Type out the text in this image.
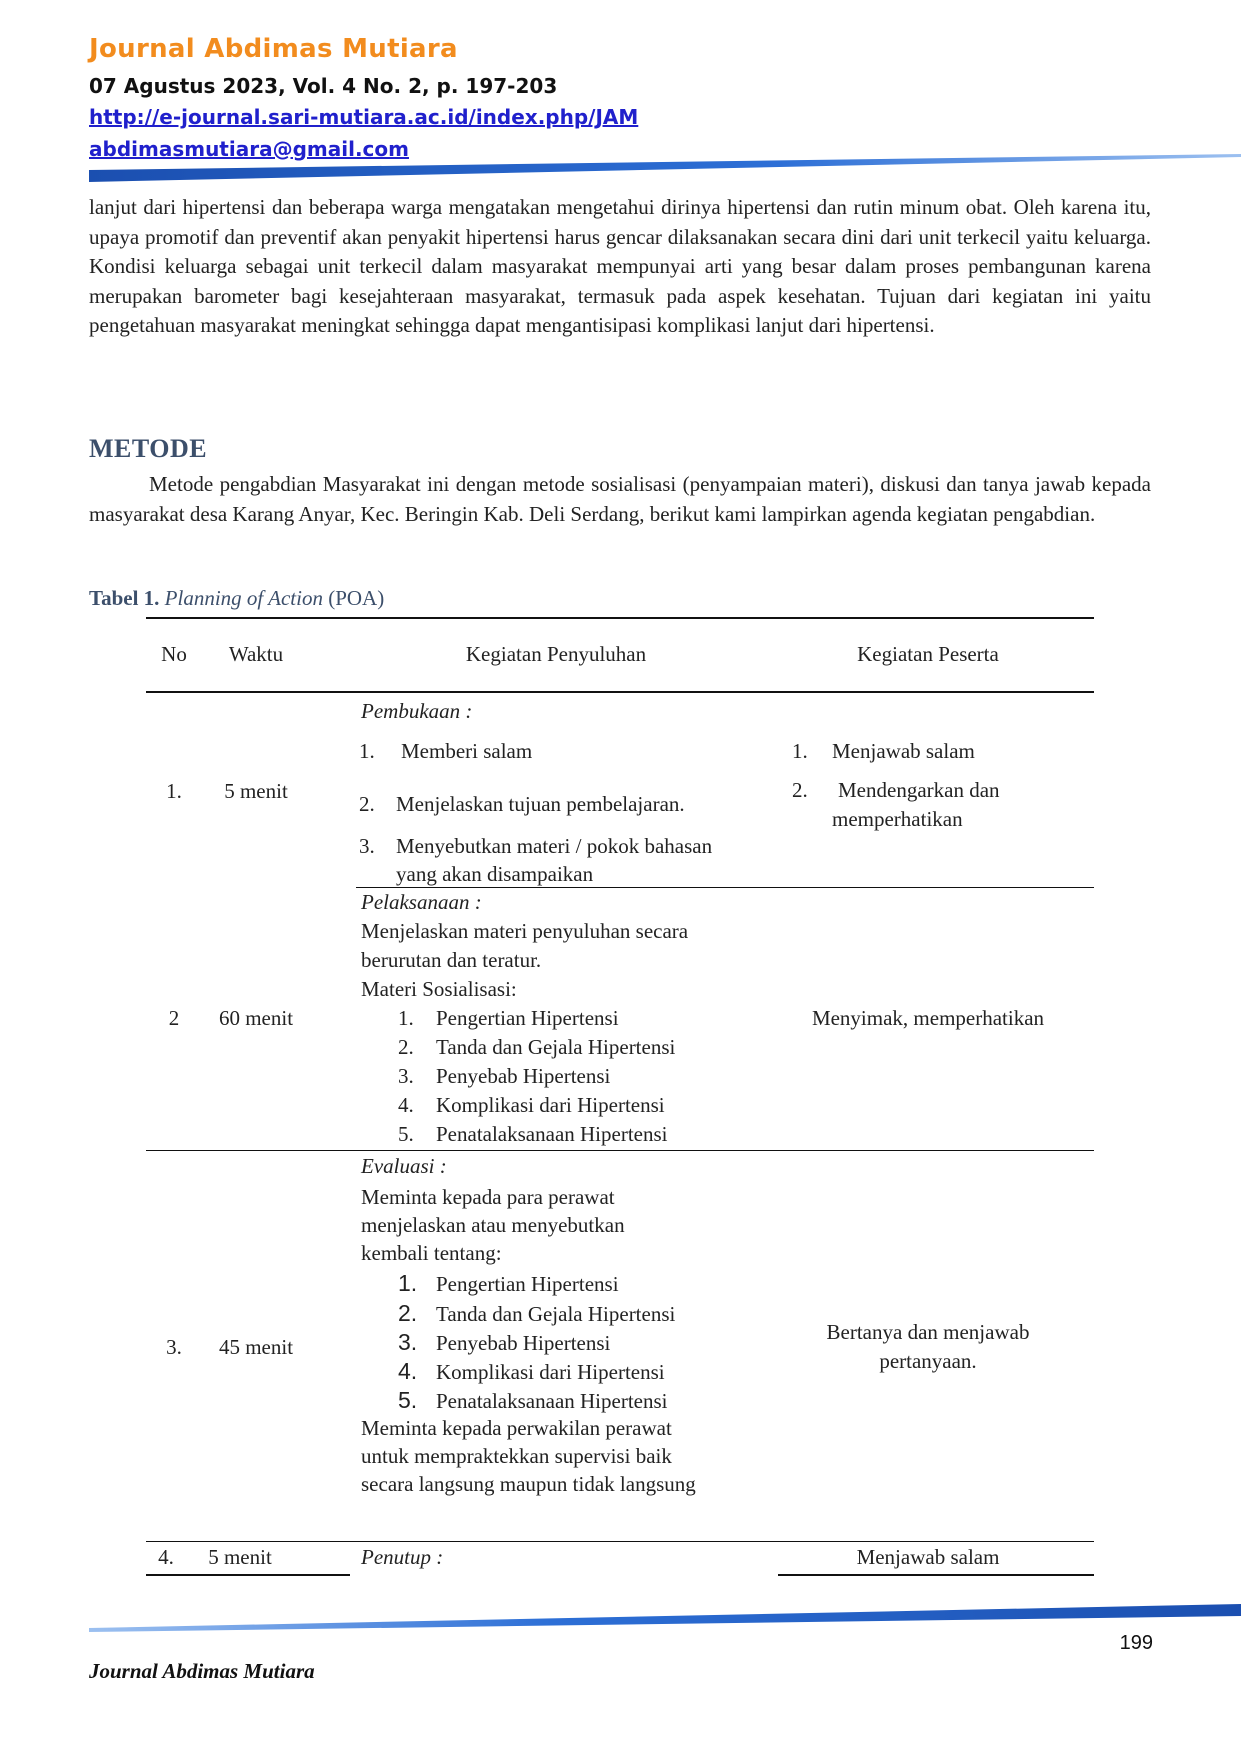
Journal Abdimas Mutiara
07 Agustus 2023, Vol. 4 No. 2, p. 197-203
http://e-journal.sari-mutiara.ac.id/index.php/JAM
abdimasmutiara@gmail.com
lanjut dari hipertensi dan beberapa warga mengatakan mengetahui dirinya hipertensi dan rutin minum obat. Oleh karena itu, upaya promotif dan preventif akan penyakit hipertensi harus gencar dilaksanakan secara dini dari unit terkecil yaitu keluarga. Kondisi keluarga sebagai unit terkecil dalam masyarakat mempunyai arti yang besar dalam proses pembangunan karena merupakan barometer bagi kesejahteraan masyarakat, termasuk pada aspek kesehatan. Tujuan dari kegiatan ini yaitu pengetahuan masyarakat meningkat sehingga dapat mengantisipasi komplikasi lanjut dari hipertensi.
METODE
Metode pengabdian Masyarakat ini dengan metode sosialisasi (penyampaian materi), diskusi dan tanya jawab kepada masyarakat desa Karang Anyar, Kec. Beringin Kab. Deli Serdang, berikut kami lampirkan agenda kegiatan pengabdian.
Tabel 1. Planning of Action (POA)
No	Waktu	Kegiatan Penyuluhan	Kegiatan Peserta
1.	5 menit
Pembukaan :
1. Memberi salam
2. Menjelaskan tujuan pembelajaran.
3. Menyebutkan materi / pokok bahasan
yang akan disampaikan
1. Menjawab salam
2. Mendengarkan dan
memperhatikan
2	60 menit
Pelaksanaan :
Menjelaskan materi penyuluhan secara
berurutan dan teratur.
Materi Sosialisasi:
1. Pengertian Hipertensi
2. Tanda dan Gejala Hipertensi
3. Penyebab Hipertensi
4. Komplikasi dari Hipertensi
5. Penatalaksanaan Hipertensi
Menyimak, memperhatikan
3.	45 menit
Evaluasi :
Meminta kepada para perawat
menjelaskan atau menyebutkan
kembali tentang:
1. Pengertian Hipertensi
2. Tanda dan Gejala Hipertensi
3. Penyebab Hipertensi
4. Komplikasi dari Hipertensi
5. Penatalaksanaan Hipertensi
Meminta kepada perwakilan perawat
untuk mempraktekkan supervisi baik
secara langsung maupun tidak langsung
Bertanya dan menjawab
pertanyaan.
4.	5 menit	Penutup :	Menjawab salam
199
Journal Abdimas Mutiara
